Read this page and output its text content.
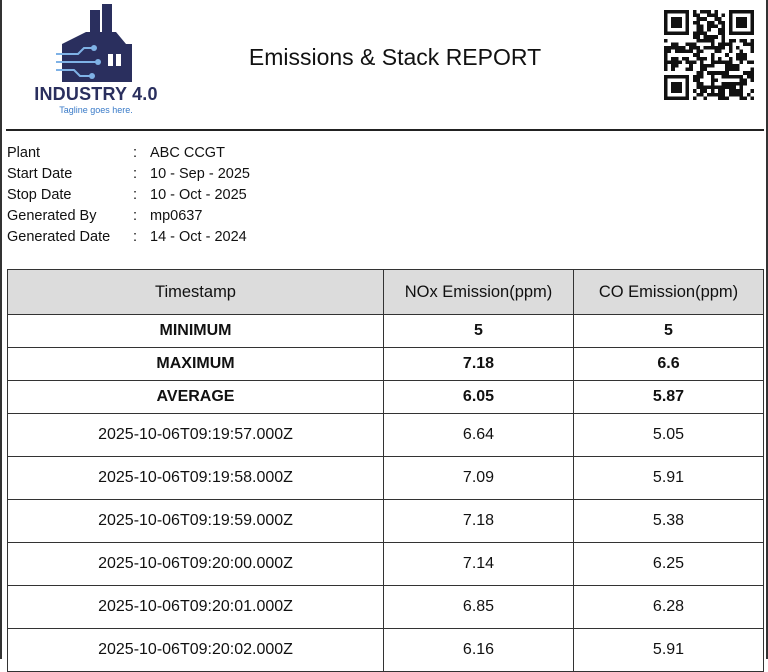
INDUSTRY 4.0
Tagline goes here.
Emissions & Stack REPORT
Plant	: ABC CCGT
Start Date	: 10 - Sep - 2025
Stop Date	: 10 - Oct - 2025
Generated By	: mp0637
Generated Date : 14 - Oct - 2024
Timestamp	NOx Emission(ppm)	CO Emission(ppm)
MINIMUM	5	5
MAXIMUM	7.18	6.6
AVERAGE	6.05	5.87
2025-10-06T09:19:57.000Z	6.64	5.05
2025-10-06T09:19:58.000Z	7.09	5.91
2025-10-06T09:19:59.000Z	7.18	5.38
2025-10-06T09:20:00.000Z	7.14	6.25
2025-10-06T09:20:01.000Z	6.85	6.28
2025-10-06T09:20:02.000Z	6.16	5.91
